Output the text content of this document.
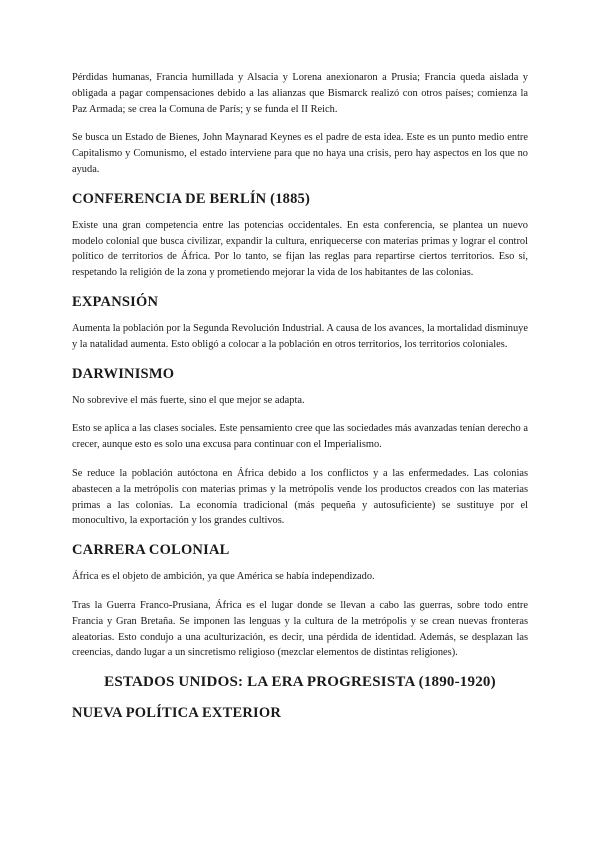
Pérdidas humanas, Francia humillada y Alsacia y Lorena anexionaron a Prusia; Francia queda aislada y obligada a pagar compensaciones debido a las alianzas que Bismarck realizó con otros países; comienza la Paz Armada; se crea la Comuna de París; y se funda el II Reich.

Se busca un Estado de Bienes, John Maynarad Keynes es el padre de esta idea. Este es un punto medio entre Capitalismo y Comunismo, el estado interviene para que no haya una crisis, pero hay aspectos en los que no ayuda.

CONFERENCIA DE BERLÍN (1885)

Existe una gran competencia entre las potencias occidentales. En esta conferencia, se plantea un nuevo modelo colonial que busca civilizar, expandir la cultura, enriquecerse con materias primas y lograr el control político de territorios de África. Por lo tanto, se fijan las reglas para repartirse ciertos territorios. Eso sí, respetando la religión de la zona y prometiendo mejorar la vida de los habitantes de las colonias.

EXPANSIÓN

Aumenta la población por la Segunda Revolución Industrial. A causa de los avances, la mortalidad disminuye y la natalidad aumenta. Esto obligó a colocar a la población en otros territorios, los territorios coloniales.

DARWINISMO

No sobrevive el más fuerte, sino el que mejor se adapta.

Esto se aplica a las clases sociales. Este pensamiento cree que las sociedades más avanzadas tenían derecho a crecer, aunque esto es solo una excusa para continuar con el Imperialismo.

Se reduce la población autóctona en África debido a los conflictos y a las enfermedades. Las colonias abastecen a la metrópolis con materias primas y la metrópolis vende los productos creados con las materias primas a las colonias. La economía tradicional (más pequeña y autosuficiente) se sustituye por el monocultivo, la exportación y los grandes cultivos.

CARRERA COLONIAL

África es el objeto de ambición, ya que América se había independizado.

Tras la Guerra Franco-Prusiana, África es el lugar donde se llevan a cabo las guerras, sobre todo entre Francia y Gran Bretaña. Se imponen las lenguas y la cultura de la metrópolis y se crean nuevas fronteras aleatorias. Esto condujo a una aculturización, es decir, una pérdida de identidad. Además, se desplazan las creencias, dando lugar a un sincretismo religioso (mezclar elementos de distintas religiones).

ESTADOS UNIDOS: LA ERA PROGRESISTA (1890-1920)
NUEVA POLÍTICA EXTERIOR
